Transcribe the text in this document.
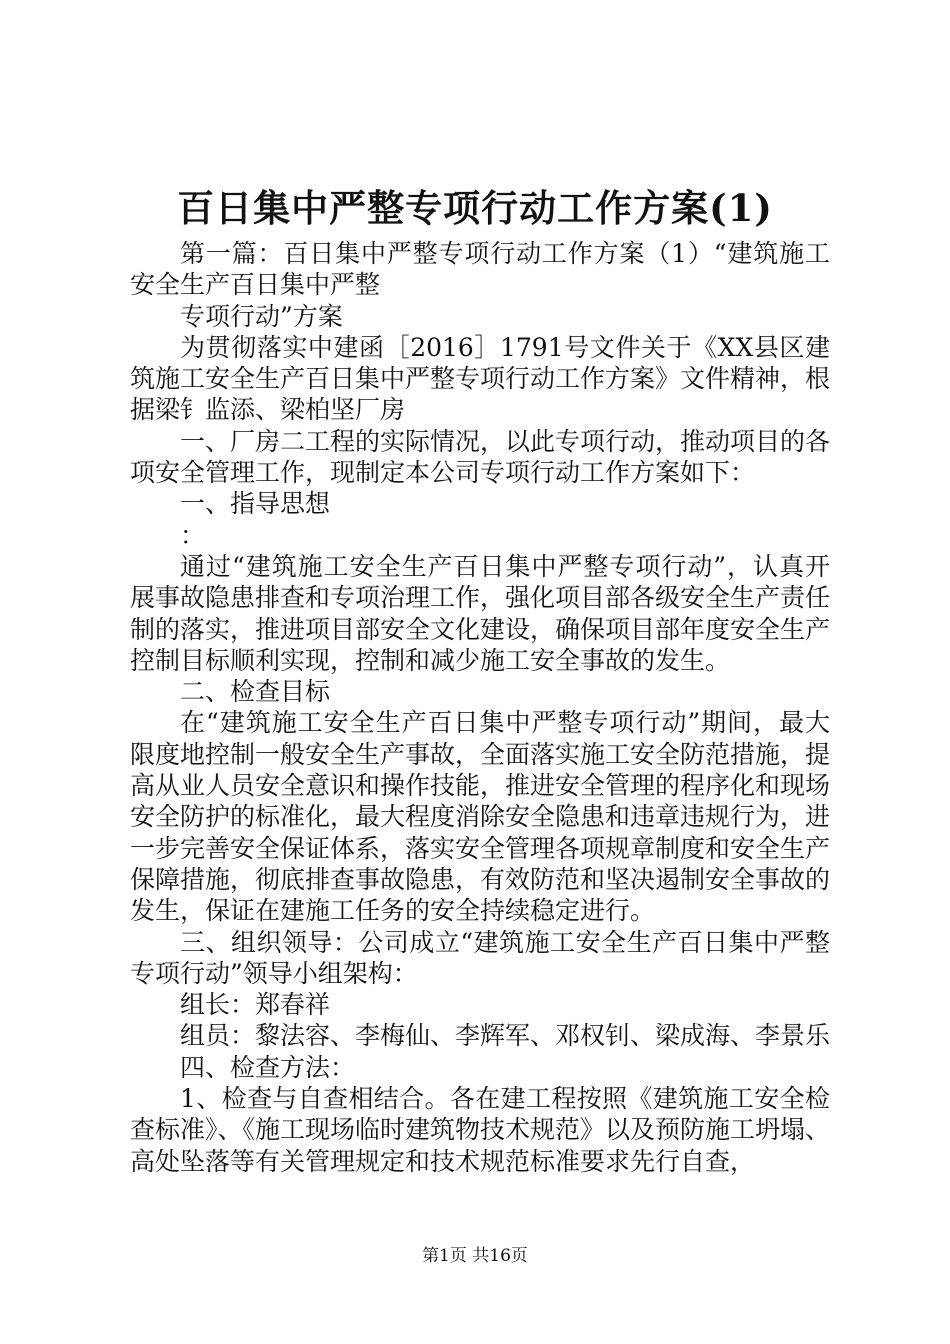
百日集中严整专项行动工作方案(1)

第一篇：百日集中严整专项行动工作方案（1）“建筑施工安全生产百日集中严整

专项行动”方案

为贯彻落实中建函［2016］1791号文件关于《XX县区建筑施工安全生产百日集中严整专项行动工作方案》文件精神，根据梁钅监添、梁柏坚厂房

一、厂房二工程的实际情况，以此专项行动，推动项目的各项安全管理工作，现制定本公司专项行动工作方案如下：

一、指导思想

：

通过“建筑施工安全生产百日集中严整专项行动”，认真开展事故隐患排查和专项治理工作，强化项目部各级安全生产责任制的落实，推进项目部安全文化建设，确保项目部年度安全生产控制目标顺利实现，控制和减少施工安全事故的发生。

二、检查目标

在“建筑施工安全生产百日集中严整专项行动”期间，最大限度地控制一般安全生产事故，全面落实施工安全防范措施，提高从业人员安全意识和操作技能，推进安全管理的程序化和现场安全防护的标准化，最大程度消除安全隐患和违章违规行为，进一步完善安全保证体系，落实安全管理各项规章制度和安全生产保障措施，彻底排查事故隐患，有效防范和坚决遏制安全事故的发生，保证在建施工任务的安全持续稳定进行。

三、组织领导：公司成立“建筑施工安全生产百日集中严整专项行动”领导小组架构：

组长：郑春祥

组员：黎法容、李梅仙、李辉军、邓权钊、梁成海、李景乐

四、检查方法：

1、检查与自查相结合。各在建工程按照《建筑施工安全检查标准》、《施工现场临时建筑物技术规范》以及预防施工坍塌、高处坠落等有关管理规定和技术规范标准要求先行自查，

第1页 共16页
